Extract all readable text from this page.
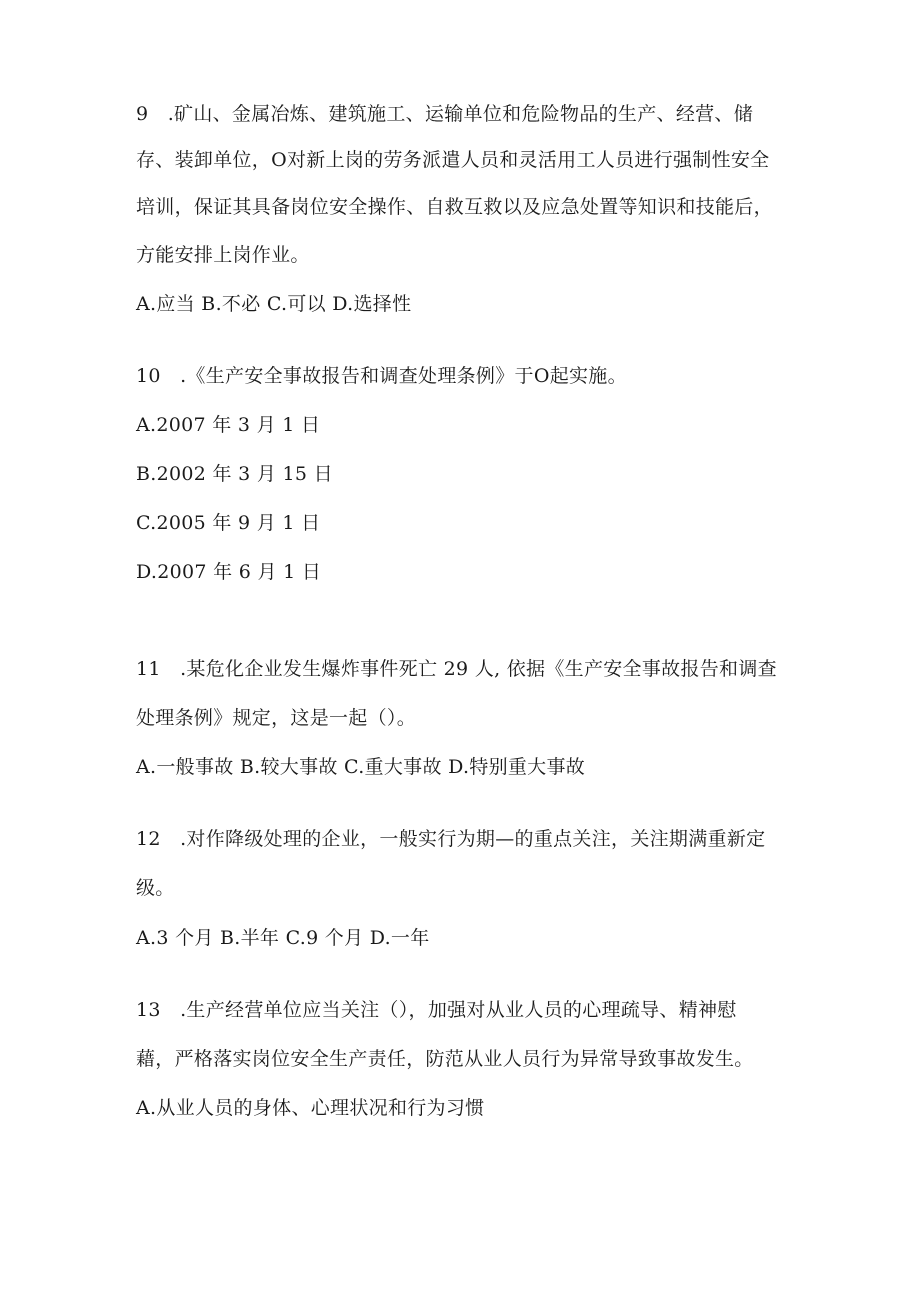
9　.矿山、金属冶炼、建筑施工、运输单位和危险物品的生产、经营、储
存、装卸单位，O对新上岗的劳务派遣人员和灵活用工人员进行强制性安全
培训，保证其具备岗位安全操作、自救互救以及应急处置等知识和技能后，
方能安排上岗作业。
A.应当 B.不必 C.可以 D.选择性
10　.《生产安全事故报告和调查处理条例》于O起实施。
A.2007 年 3 月 1 日
B.2002 年 3 月 15 日
C.2005 年 9 月 1 日
D.2007 年 6 月 1 日
11　.某危化企业发生爆炸事件死亡 29 人, 依据《生产安全事故报告和调查
处理条例》规定，这是一起（）。
A.一般事故 B.较大事故 C.重大事故 D.特别重大事故
12　.对作降级处理的企业，一般实行为期—的重点关注，关注期满重新定
级。
A.3 个月 B.半年 C.9 个月 D.一年
13　.生产经营单位应当关注（），加强对从业人员的心理疏导、精神慰
藉，严格落实岗位安全生产责任，防范从业人员行为异常导致事故发生。
A.从业人员的身体、心理状况和行为习惯
